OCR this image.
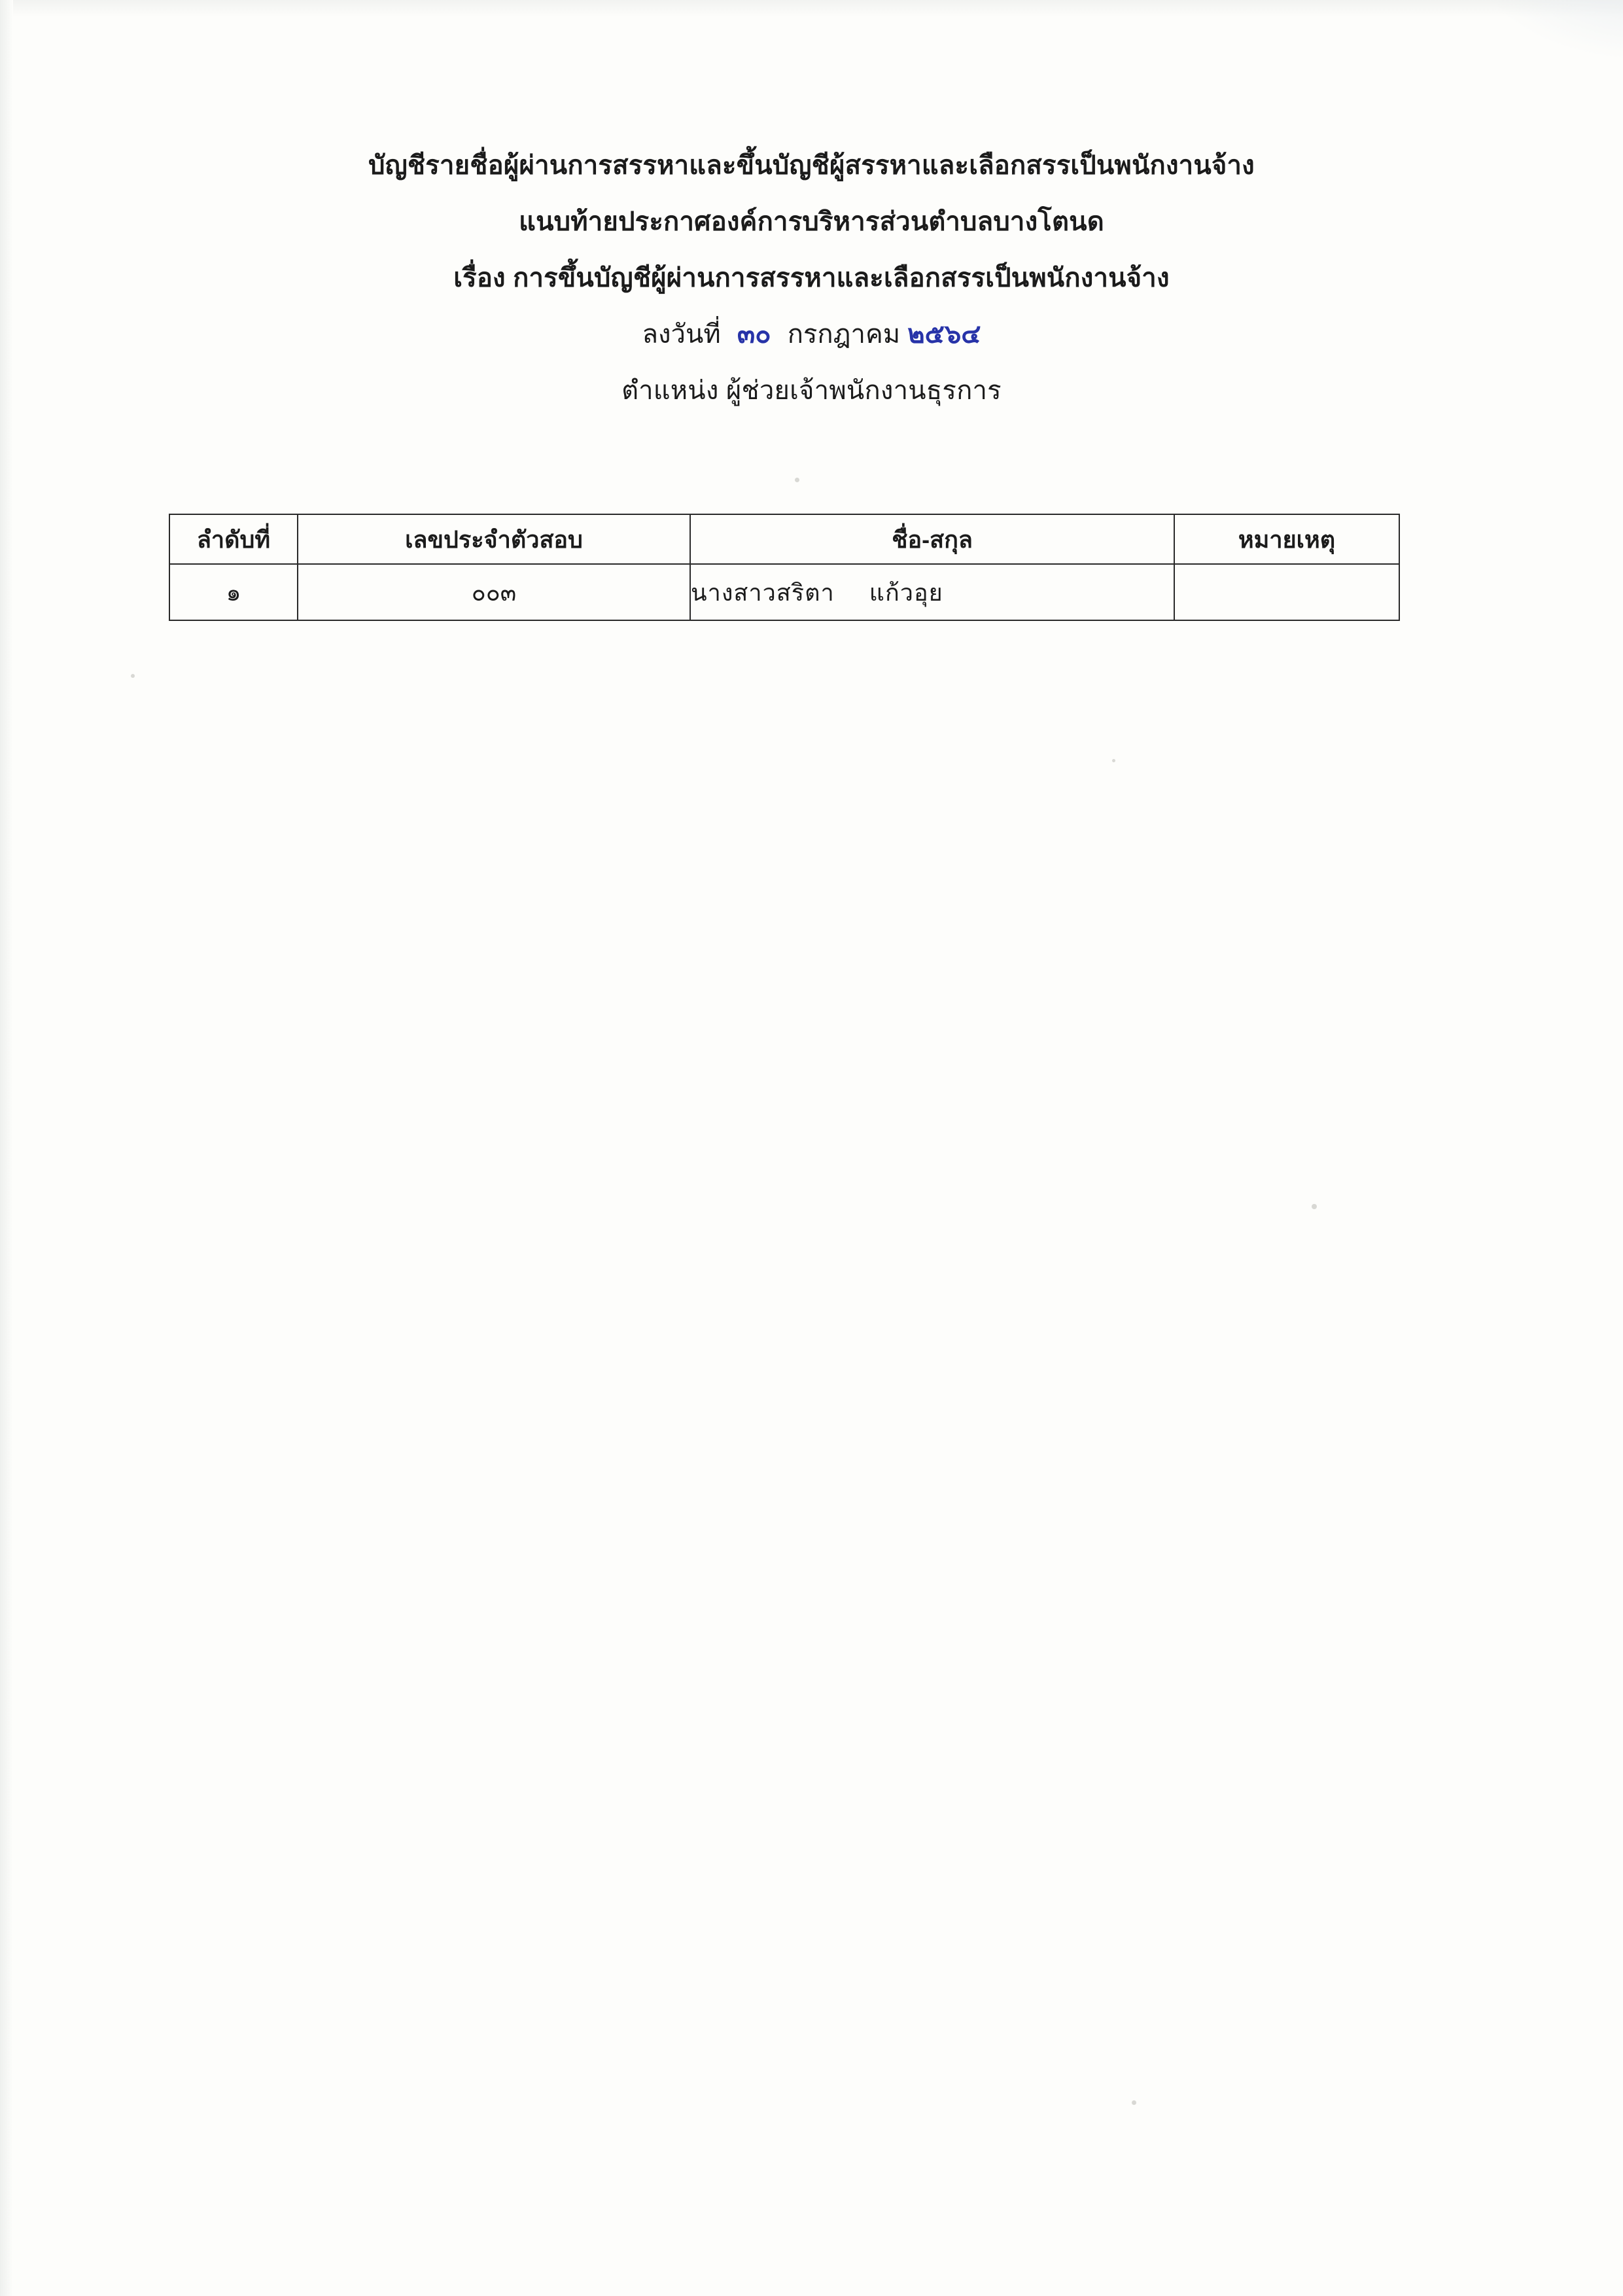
บัญชีรายชื่อผู้ผ่านการสรรหาและขึ้นบัญชีผู้สรรหาและเลือกสรรเป็นพนักงานจ้าง
แนบท้ายประกาศองค์การบริหารส่วนตำบลบางโตนด
เรื่อง การขึ้นบัญชีผู้ผ่านการสรรหาและเลือกสรรเป็นพนักงานจ้าง
ลงวันที่ ๓๐ กรกฎาคม ๒๕๖๔
ตำแหน่ง ผู้ช่วยเจ้าพนักงานธุรการ
ลำดับที่	เลขประจำตัวสอบ	ชื่อ-สกุล	หมายเหตุ
๑	๐๐๓	นางสาวสริตา แก้วอุย	
